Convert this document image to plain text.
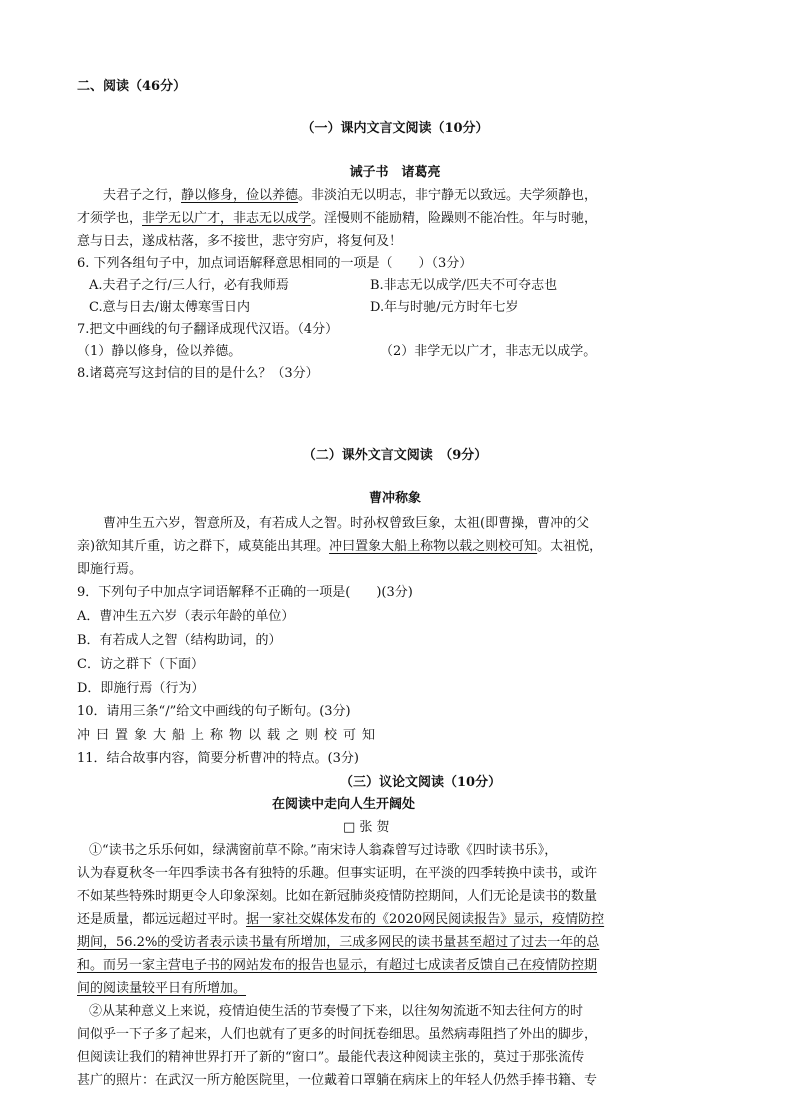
二、阅读（46分）
（一）课内文言文阅读（10分）
诫子书　诸葛亮
夫君子之行，静以修身，俭以养德。非淡泊无以明志，非宁静无以致远。夫学须静也，
才须学也，非学无以广才，非志无以成学。淫慢则不能励精，险躁则不能冶性。年与时驰，
意与日去，遂成枯落，多不接世，悲守穷庐，将复何及！
6. 下列各组句子中，加点词语解释意思相同的一项是（　　）（3分）
A.夫君子之行/三人行，必有我师焉	B.非志无以成学/匹夫不可夺志也
C.意与日去/谢太傅寒雪日内	D.年与时驰/元方时年七岁
7.把文中画线的句子翻译成现代汉语。（4分）
（1）静以修身，俭以养德。	（2）非学无以广才，非志无以成学。
8.诸葛亮写这封信的目的是什么？（3分）
（二）课外文言文阅读　（9分）
曹冲称象
曹冲生五六岁，智意所及，有若成人之智。时孙权曾致巨象，太祖(即曹操，曹冲的父
亲)欲知其斤重，访之群下，咸莫能出其理。冲曰置象大船上称物以载之则校可知。太祖悦，
即施行焉。
9．下列句子中加点字词语解释不正确的一项是(　　)(3分)
A．曹冲生五六岁（表示年龄的单位）
B．有若成人之智（结构助词，的）
C．访之群下（下面）
D．即施行焉（行为）
10．请用三条“/”给文中画线的句子断句。(3分)
冲曰置象大船上称物以载之则校可知
11．结合故事内容，简要分析曹冲的特点。(3分)
（三）议论文阅读（10分）
在阅读中走向人生开阔处
□ 张 贺
①“读书之乐乐何如，绿满窗前草不除。”南宋诗人翁森曾写过诗歌《四时读书乐》，
认为春夏秋冬一年四季读书各有独特的乐趣。但事实证明，在平淡的四季转换中读书，或许
不如某些特殊时期更令人印象深刻。比如在新冠肺炎疫情防控期间，人们无论是读书的数量
还是质量，都远远超过平时。据一家社交媒体发布的《2020网民阅读报告》显示，疫情防控
期间，56.2%的受访者表示读书量有所增加，三成多网民的读书量甚至超过了过去一年的总
和。而另一家主营电子书的网站发布的报告也显示，有超过七成读者反馈自己在疫情防控期
间的阅读量较平日有所增加。
②从某种意义上来说，疫情迫使生活的节奏慢了下来，以往匆匆流逝不知去往何方的时
间似乎一下子多了起来，人们也就有了更多的时间抚卷细思。虽然病毒阻挡了外出的脚步，
但阅读让我们的精神世界打开了新的“窗口”。最能代表这种阅读主张的，莫过于那张流传
甚广的照片：在武汉一所方舱医院里，一位戴着口罩躺在病床上的年轻人仍然手捧书籍、专
